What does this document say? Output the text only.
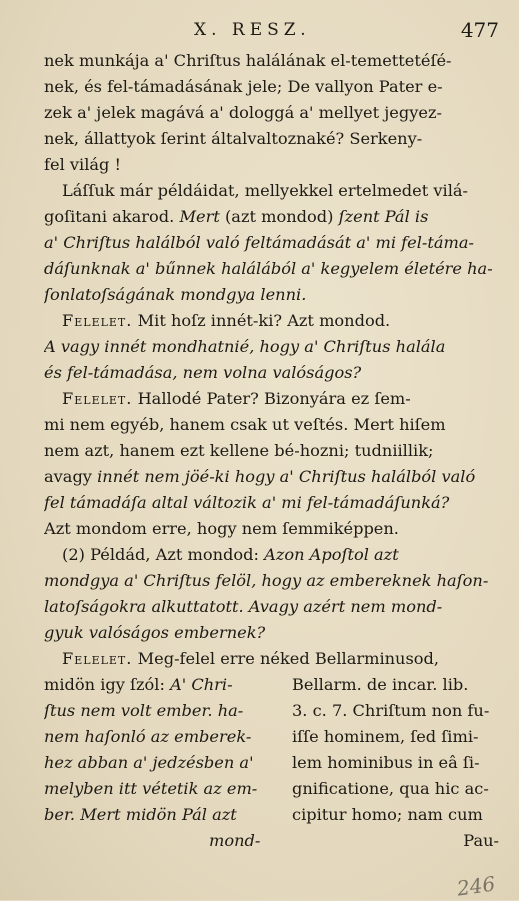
X. RESZ.	477
nek munkája a' Chriſtus halálának el-temettetéſé-
nek, és fel-támadásának jele; De vallyon Pater e-
zek a' jelek magává a' dologgá a' mellyet jegyez-
nek, állattyok ſerint általvaltoznaké? Serkeny-
fel világ !
Láſſuk már példáidat, mellyekkel ertelmedet vilá-
goſitani akarod. Mert (azt mondod) ſzent Pál is
a' Chriſtus halálból való feltámadását a' mi fel-táma-
dáſunknak a' bűnnek halálából a' kegyelem életére ha-
ſonlatoſságának mondgya lenni.
Felelet. Mit hoſz innét-ki? Azt mondod.
A vagy innét mondhatnié, hogy a' Chriſtus halála
és fel-támadása, nem volna valóságos?
Felelet. Hallodé Pater? Bizonyára ez ſem-
mi nem egyéb, hanem csak ut veſtés. Mert hiſem
nem azt, hanem ezt kellene bé-hozni; tudniillik;
avagy innét nem jöé-ki hogy a' Chriſtus halálból való
fel támadáſa altal változik a' mi fel-támadáſunká?
Azt mondom erre, hogy nem ſemmiképpen.
(2) Példád, Azt mondod: Azon Apoſtol azt
mondgya a' Chriſtus felöl, hogy az embereknek haſon-
latoſságokra alkuttatott. Avagy azért nem mond-
gyuk valóságos embernek?
Felelet. Meg-felel erre néked Bellarminusod,
midön igy ſzól: A' Chri-
ſtus nem volt ember. ha-
nem haſonló az emberek-
hez abban a' jedzésben a'
melyben itt vétetik az em-
ber. Mert midön Pál azt
Bellarm. de incar. lib.
3. c. 7. Chriſtum non fu-
iſſe hominem, ſed ſimi-
lem hominibus in eâ ſi-
gnificatione, qua hic ac-
cipitur homo; nam cum
mond-	Pau-
246
